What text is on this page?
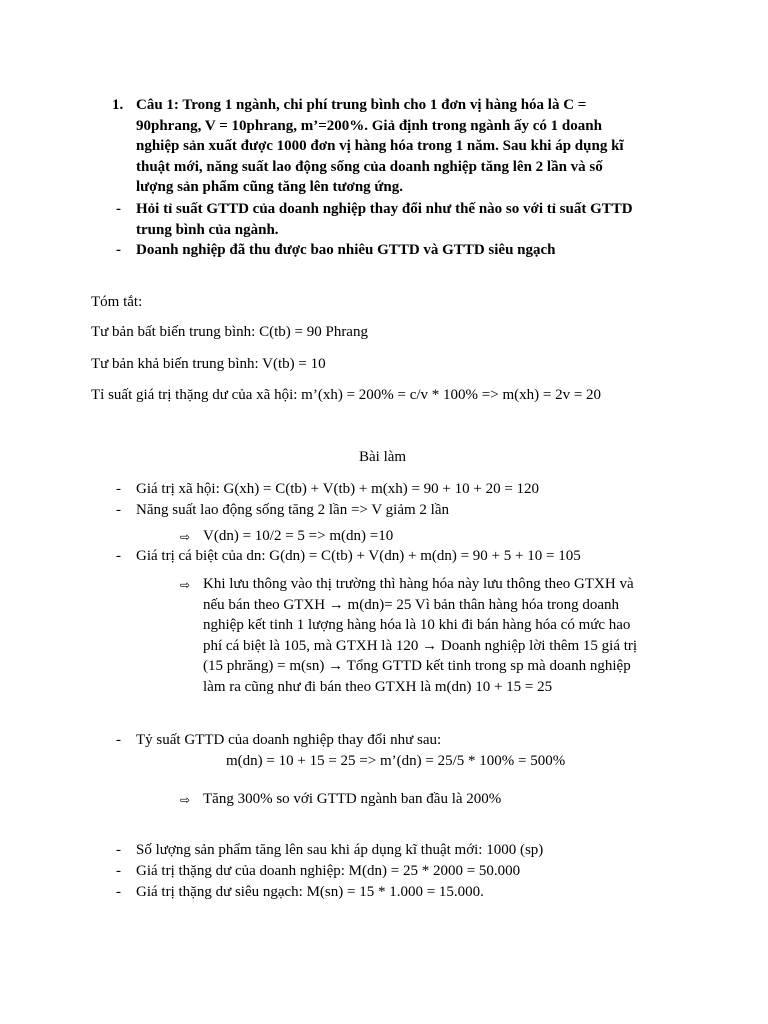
1. Câu 1: Trong 1 ngành, chi phí trung bình cho 1 đơn vị hàng hóa là C =
90phrang, V = 10phrang, m’=200%. Giả định trong ngành ấy có 1 doanh
nghiệp sản xuất được 1000 đơn vị hàng hóa trong 1 năm. Sau khi áp dụng kĩ
thuật mới, năng suất lao động sống của doanh nghiệp tăng lên 2 lần và số
lượng sản phẩm cũng tăng lên tương ứng.
- Hỏi tỉ suất GTTD của doanh nghiệp thay đổi như thế nào so với tỉ suất GTTD
trung bình của ngành.
- Doanh nghiệp đã thu được bao nhiêu GTTD và GTTD siêu ngạch
Tóm tắt:
Tư bản bất biến trung bình: C(tb) = 90 Phrang
Tư bản khả biến trung bình: V(tb) = 10
Tỉ suất giá trị thặng dư của xã hội: m’(xh) = 200% = c/v * 100% => m(xh) = 2v = 20
Bài làm
- Giá trị xã hội: G(xh) = C(tb) + V(tb) + m(xh) = 90 + 10 + 20 = 120
- Năng suất lao động sống tăng 2 lần => V giảm 2 lần
⇨ V(dn) = 10/2 = 5 => m(dn) =10
- Giá trị cá biệt của dn: G(dn) = C(tb) + V(dn) + m(dn) = 90 + 5 + 10 = 105
⇨ Khi lưu thông vào thị trường thì hàng hóa này lưu thông theo GTXH và
nếu bán theo GTXH → m(dn)= 25 Vì bản thân hàng hóa trong doanh
nghiệp kết tinh 1 lượng hàng hóa là 10 khi đi bán hàng hóa có mức hao
phí cá biệt là 105, mà GTXH là 120 → Doanh nghiệp lời thêm 15 giá trị
(15 phrăng) = m(sn) → Tổng GTTD kết tinh trong sp mà doanh nghiệp
làm ra cũng như đi bán theo GTXH là m(dn) 10 + 15 = 25
- Tỷ suất GTTD của doanh nghiệp thay đổi như sau:
m(dn) = 10 + 15 = 25 => m’(dn) = 25/5 * 100% = 500%
⇨ Tăng 300% so với GTTD ngành ban đầu là 200%
- Số lượng sản phẩm tăng lên sau khi áp dụng kĩ thuật mới: 1000 (sp)
- Giá trị thặng dư của doanh nghiệp: M(dn) = 25 * 2000 = 50.000
- Giá trị thặng dư siêu ngạch: M(sn) = 15 * 1.000 = 15.000.
